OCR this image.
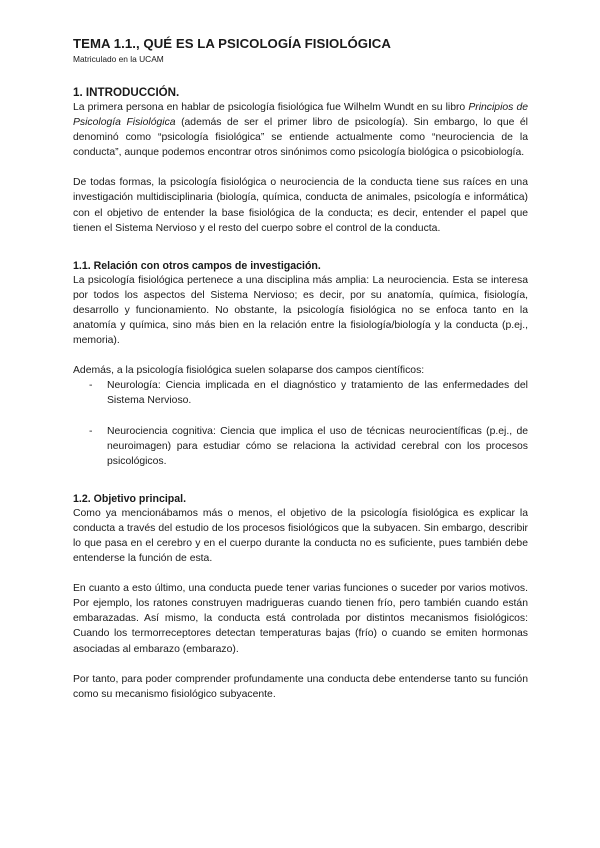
TEMA 1.1., QUÉ ES LA PSICOLOGÍA FISIOLÓGICA
Matriculado en la UCAM
1. INTRODUCCIÓN.

La primera persona en hablar de psicología fisiológica fue Wilhelm Wundt en su libro Principios de Psicología Fisiológica (además de ser el primer libro de psicología). Sin embargo, lo que él denominó como “psicología fisiológica” se entiende actualmente como “neurociencia de la conducta”, aunque podemos encontrar otros sinónimos como psicología biológica o psicobiología.

De todas formas, la psicología fisiológica o neurociencia de la conducta tiene sus raíces en una investigación multidisciplinaria (biología, química, conducta de animales, psicología e informática) con el objetivo de entender la base fisiológica de la conducta; es decir, entender el papel que tienen el Sistema Nervioso y el resto del cuerpo sobre el control de la conducta.

1.1. Relación con otros campos de investigación.

La psicología fisiológica pertenece a una disciplina más amplia: La neurociencia. Esta se interesa por todos los aspectos del Sistema Nervioso; es decir, por su anatomía, química, fisiología, desarrollo y funcionamiento. No obstante, la psicología fisiológica no se enfoca tanto en la anatomía y química, sino más bien en la relación entre la fisiología/biología y la conducta (p.ej., memoria).

Además, a la psicología fisiológica suelen solaparse dos campos científicos:

- Neurología: Ciencia implicada en el diagnóstico y tratamiento de las enfermedades del Sistema Nervioso.
- Neurociencia cognitiva: Ciencia que implica el uso de técnicas neurocientíficas (p.ej., de neuroimagen) para estudiar cómo se relaciona la actividad cerebral con los procesos psicológicos.
1.2. Objetivo principal.

Como ya mencionábamos más o menos, el objetivo de la psicología fisiológica es explicar la conducta a través del estudio de los procesos fisiológicos que la subyacen. Sin embargo, describir lo que pasa en el cerebro y en el cuerpo durante la conducta no es suficiente, pues también debe entenderse la función de esta.

En cuanto a esto último, una conducta puede tener varias funciones o suceder por varios motivos. Por ejemplo, los ratones construyen madrigueras cuando tienen frío, pero también cuando están embarazadas. Así mismo, la conducta está controlada por distintos mecanismos fisiológicos: Cuando los termorreceptores detectan temperaturas bajas (frío) o cuando se emiten hormonas asociadas al embarazo (embarazo).

Por tanto, para poder comprender profundamente una conducta debe entenderse tanto su función como su mecanismo fisiológico subyacente.
